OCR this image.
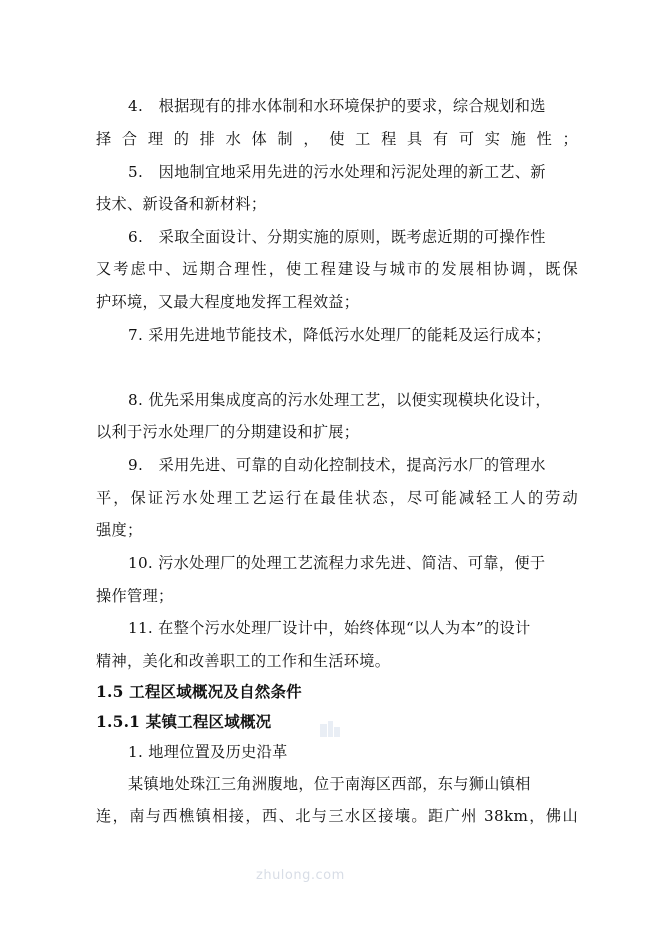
4.　根据现有的排水体制和水环境保护的要求，综合规划和选
择合理的排水体制，使工程具有可实施性；
5.　因地制宜地采用先进的污水处理和污泥处理的新工艺、新
技术、新设备和新材料；
6.　采取全面设计、分期实施的原则，既考虑近期的可操作性
又考虑中、远期合理性，使工程建设与城市的发展相协调，既保
护环境，又最大程度地发挥工程效益；
7. 采用先进地节能技术，降低污水处理厂的能耗及运行成本；
8. 优先采用集成度高的污水处理工艺，以便实现模块化设计，
以利于污水处理厂的分期建设和扩展；
9.　采用先进、可靠的自动化控制技术，提高污水厂的管理水
平，保证污水处理工艺运行在最佳状态，尽可能减轻工人的劳动
强度；
10. 污水处理厂的处理工艺流程力求先进、简洁、可靠，便于
操作管理；
11. 在整个污水处理厂设计中，始终体现“以人为本”的设计
精神，美化和改善职工的工作和生活环境。
1.5 工程区域概况及自然条件
1.5.1 某镇工程区域概况
1. 地理位置及历史沿革
某镇地处珠江三角洲腹地，位于南海区西部，东与狮山镇相
连，南与西樵镇相接，西、北与三水区接壤。距广州 38km，佛山
zhulong.com
